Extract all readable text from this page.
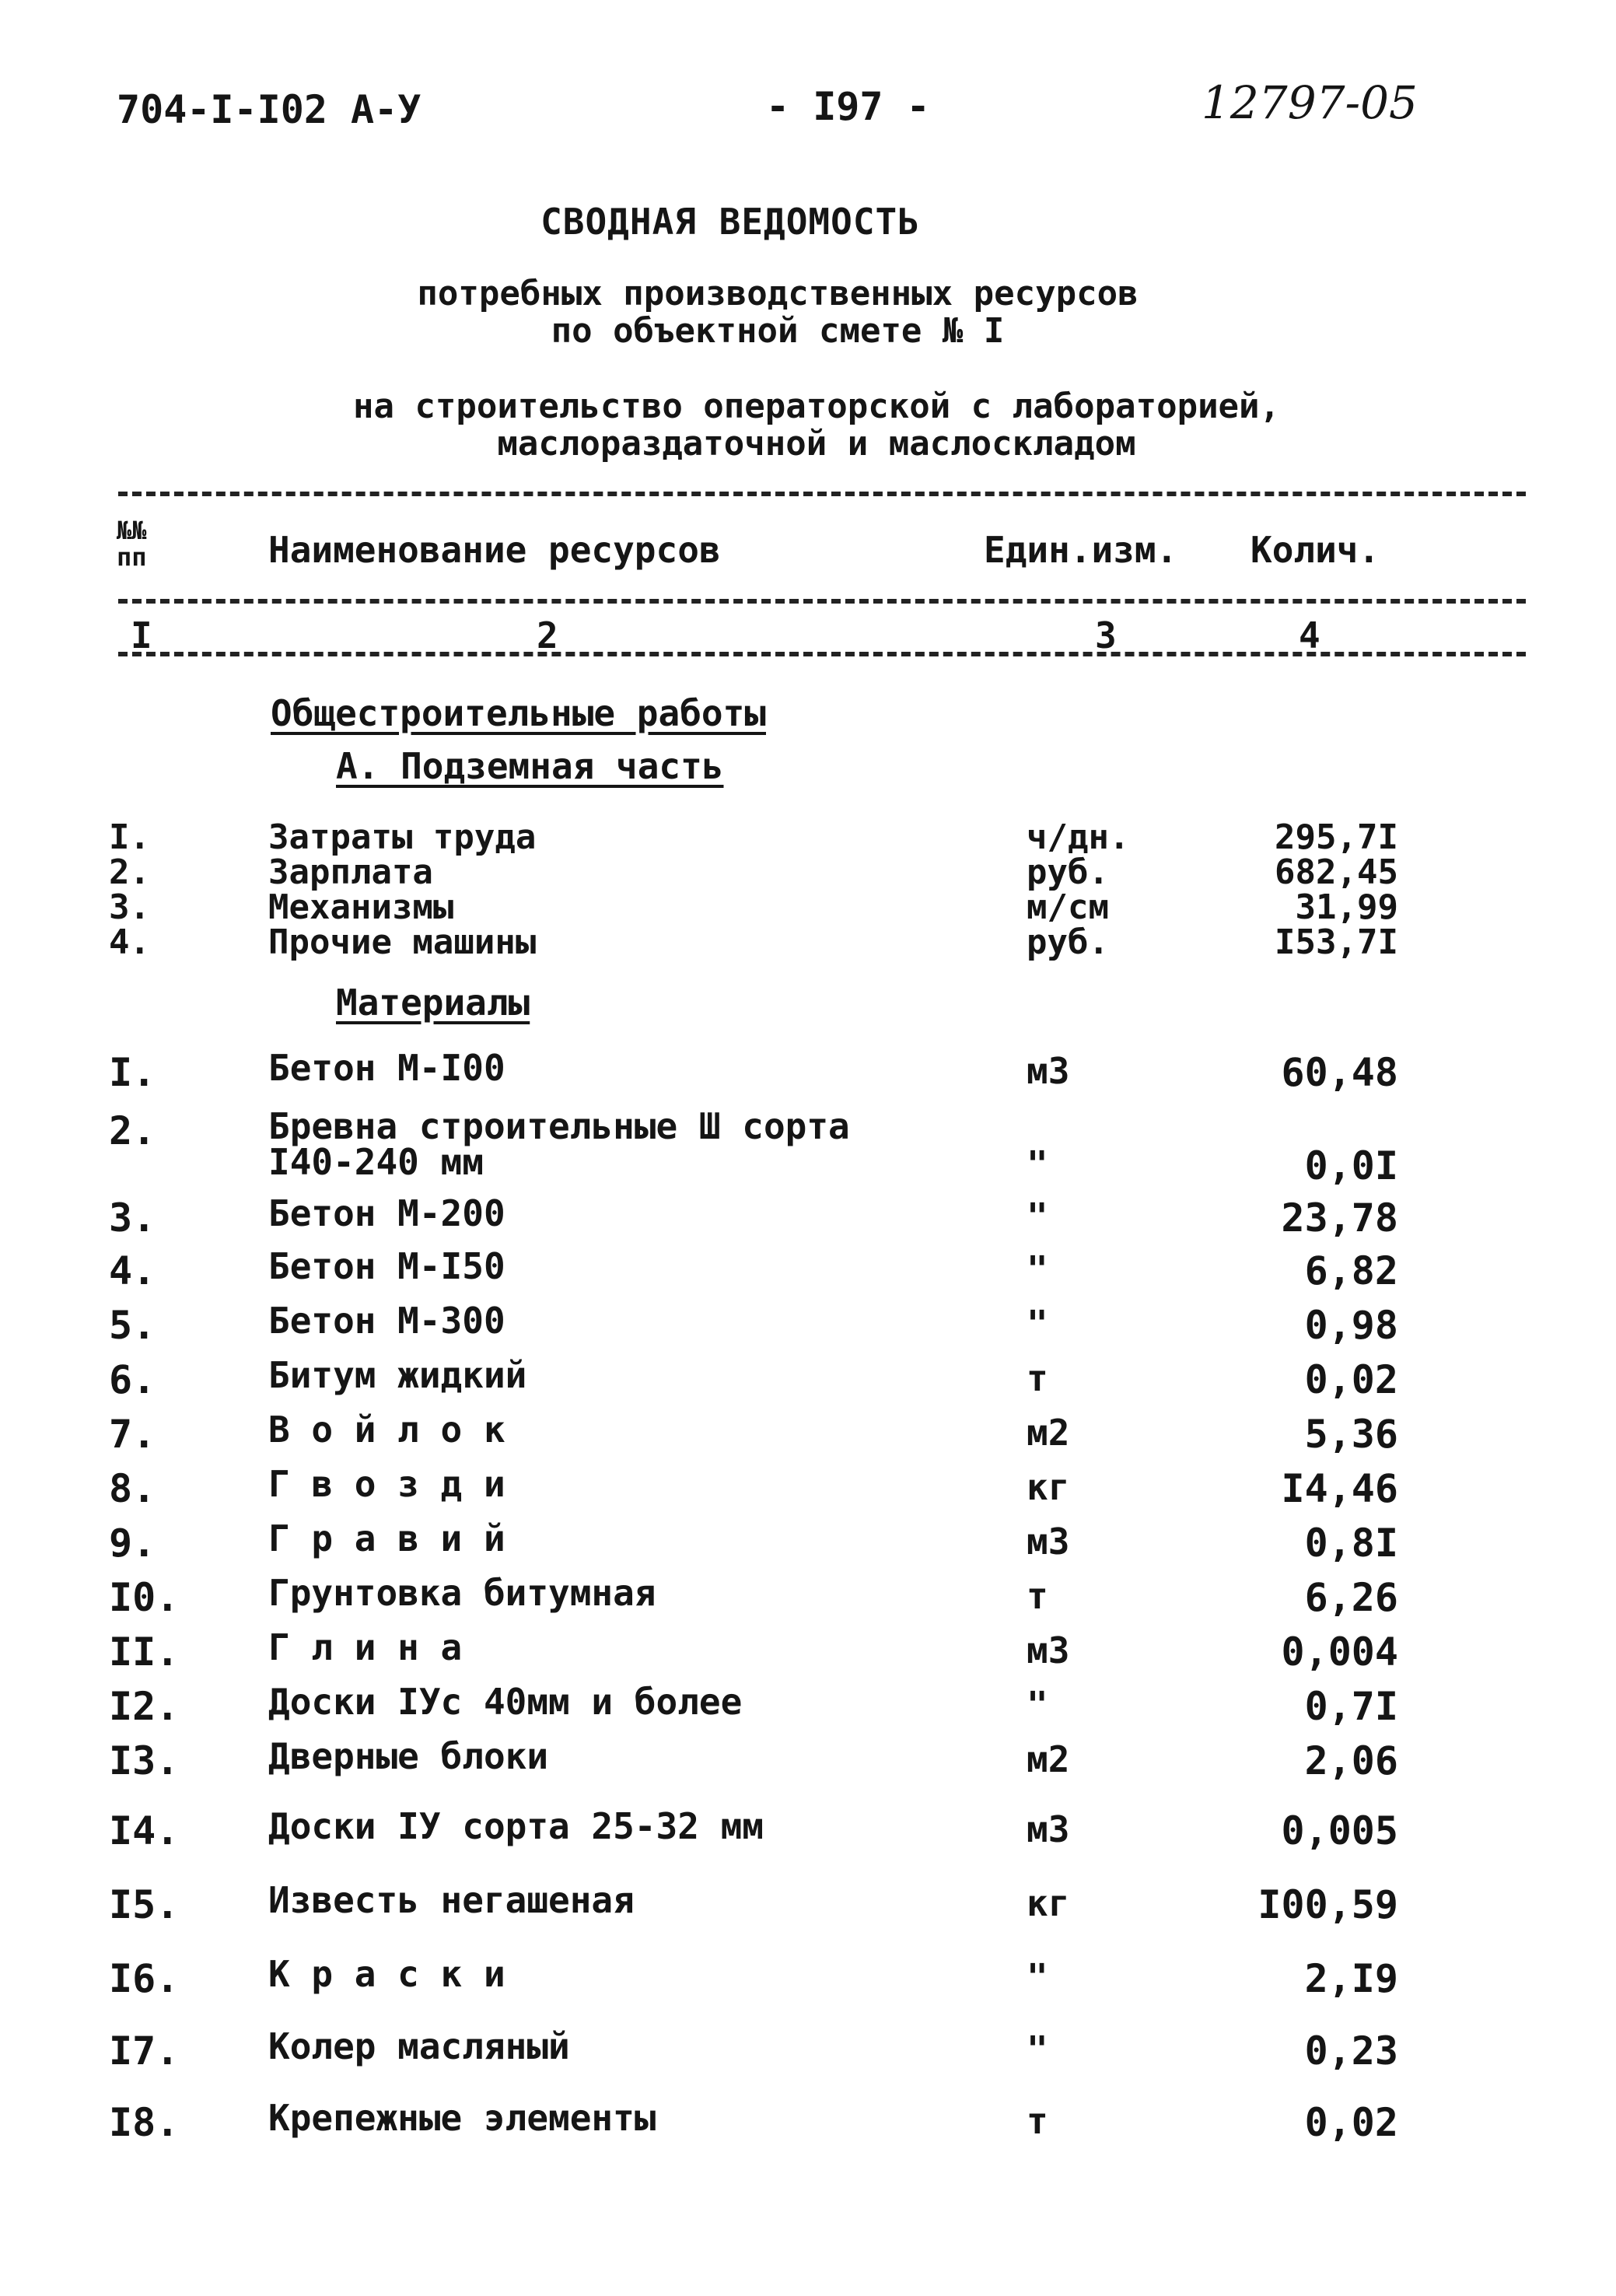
704-I-I02 А-У	- I97 -	12797-05
СВОДНАЯ ВЕДОМОСТЬ
потребных производственных ресурсов
по объектной смете № I
на строительство операторской с лабораторией,
маслораздаточной и маслоскладом
№№ пп	Наименование ресурсов	Един.изм. Колич.
I	2	3	4
Общестроительные работы
А. Подземная часть
I.	Затраты труда	ч/дн.	295,7I
2.	Зарплата	руб.	682,45
3.	Механизмы	м/см	31,99
4.	Прочие машины	руб.	I53,7I
Материалы
I.	Бетон М-I00	м3	60,48
2.	Бревна строительные Ш сорта
I40-240 мм	"	0,0I
3.	Бетон М-200	"	23,78
4.	Бетон М-I50	"	6,82
5.	Бетон М-300	"	0,98
6.	Битум жидкий	т	0,02
7.	В о й л о к	м2	5,36
8.	Г в о з д и	кг	I4,46
9.	Г р а в и й	м3	0,8I
I0. Грунтовка битумная	т	6,26
II. Г л и н а	м3	0,004
I2. Доски IУс 40мм и более	"	0,7I
I3. Дверные блоки	м2	2,06
I4. Доски IУ сорта 25-32 мм	м3	0,005
I5. Известь негашеная	кг	I00,59
I6. К р а с к и	"	2,I9
I7. Колер масляный	"	0,23
I8. Крепежные элементы	т	0,02
